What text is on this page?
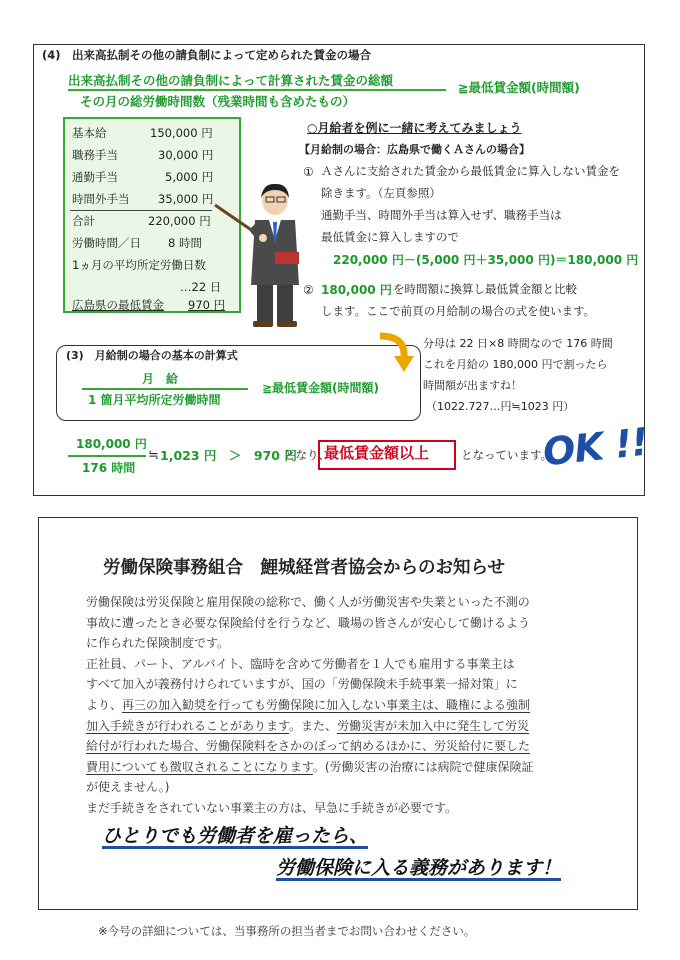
(4)　出来高払制その他の請負制によって定められた賃金の場合
出来高払制その他の請負制によって計算された賃金の総額
その月の総労働時間数（残業時間も含めたもの）
≧最低賃金額(時間額)
基本給	150,000 円
職務手当	30,000 円
通勤手当	5,000 円
時間外手当 35,000 円
合計	220,000 円
労働時間／日 8 時間
1ヵ月の平均所定労働日数
…22 日
広島県の最低賃金 970 円
○月給者を例に一緒に考えてみましょう
【月給制の場合：広島県で働くＡさんの場合】
① Ａさんに支給された賃金から最低賃金に算入しない賃金を
除きます。（左頁参照）
通勤手当、時間外手当は算入せず、職務手当は
最低賃金に算入しますので
220,000 円－(5,000 円＋35,000 円)＝180,000 円
② 180,000 円 を時間額に換算し最低賃金額と比較
します。ここで前頁の月給制の場合の式を使います。
(3)　月給制の場合の基本の計算式
月　給
1 箇月平均所定労働時間
≧最低賃金額(時間額)
分母は 22 日×8 時間なので 176 時間
これを月給の 180,000 円で割ったら
時間額が出ますね！
（1022.727…円≒1023 円）
180,000 円
176 時間
≒ 1,023 円　＞　970 円
となり、
最低賃金額以上	となっています。
OK !!
労働保険事務組合　鯉城経営者協会からのお知らせ

労働保険は労災保険と雇用保険の総称で、働く人が労働災害や失業といった不測の

事故に遭ったとき必要な保険給付を行うなど、職場の皆さんが安心して働けるよう

に作られた保険制度です。

正社員、パート、アルバイト、臨時を含めて労働者を１人でも雇用する事業主は

すべて加入が義務付けられていますが、国の「労働保険未手続事業一掃対策」に

より、再三の加入勧奨を行っても労働保険に加入しない事業主は、職権による強制

加入手続きが行われることがあります。また、労働災害が未加入中に発生して労災

給付が行われた場合、労働保険料をさかのぼって納めるほかに、労災給付に要した

費用についても徴収されることになります。(労働災害の治療には病院で健康保険証

が使えません。)

まだ手続きをされていない事業主の方は、早急に手続きが必要です。

ひとりでも労働者を雇ったら、
労働保険に入る義務があります！
※今号の詳細については、当事務所の担当者までお問い合わせください。
